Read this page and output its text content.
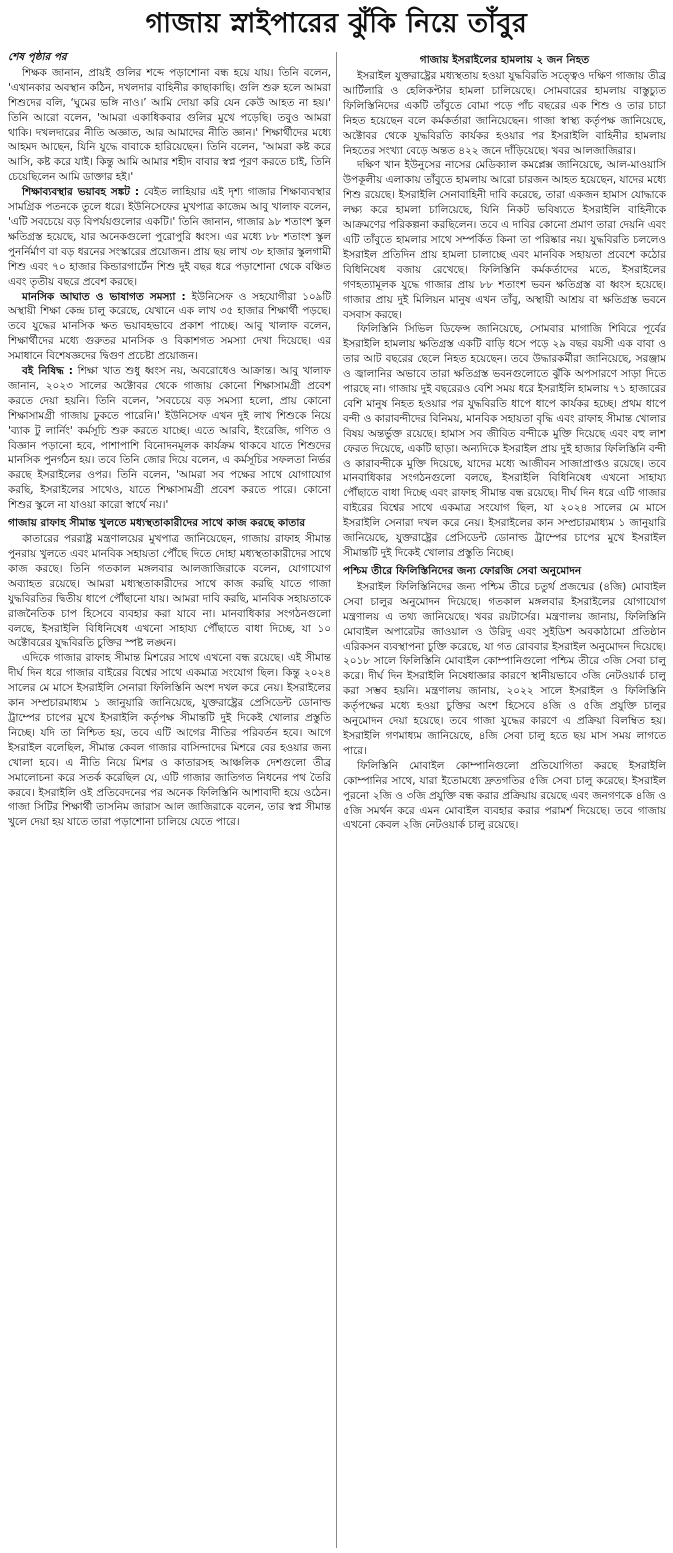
গাজায় স্নাইপারের ঝুঁকি নিয়ে তাঁবুর
শেষ পৃষ্ঠার পর

শিক্ষক জানান, প্রায়ই গুলির শব্দে পড়াশোনা বন্ধ হয়ে যায়। তিনি বলেন, 'এখানকার অবস্থান কঠিন, দখলদার বাহিনীর কাছাকাছি। গুলি শুরু হলে আমরা শিশুদের বলি, ‘ঘুমের ভঙ্গি নাও।’ আমি দোয়া করি যেন কেউ আহত না হয়।' তিনি আরো বলেন, 'আমরা একাধিকবার গুলির মুখে পড়েছি। তবুও আমরা থাকি। দখলদারের নীতি অজ্ঞাত, আর আমাদের নীতি জ্ঞান।' শিক্ষার্থীদের মধ্যে আহমদ আছেন, যিনি যুদ্ধে বাবাকে হারিয়েছেন। তিনি বলেন, 'আমরা কষ্ট করে আসি, কষ্ট করে যাই। কিন্তু আমি আমার শহীদ বাবার স্বপ্ন পূরণ করতে চাই, তিনি চেয়েছিলেন আমি ডাক্তার হই।'

শিক্ষাব্যবস্থার ভয়াবহ সঙ্কট : বেইত লাহিয়ার এই দৃশ্য গাজার শিক্ষাব্যবস্থার সামগ্রিক পতনকে তুলে ধরে। ইউনিসেফের মুখপাত্র কাজেম আবু খালাফ বলেন, 'এটি সবচেয়ে বড় বিপর্যয়গুলোর একটি।' তিনি জানান, গাজার ৯৮ শতাংশ স্কুল ক্ষতিগ্রস্ত হয়েছে, যার অনেকগুলো পুরোপুরি ধ্বংস। এর মধ্যে ৮৮ শতাংশ স্কুল পুনর্নির্মাণ বা বড় ধরনের সংস্কারের প্রয়োজন। প্রায় ছয় লাখ ৩৮ হাজার স্কুলগামী শিশু এবং ৭০ হাজার কিন্ডারগার্টেন শিশু দুই বছর ধরে পড়াশোনা থেকে বঞ্চিত এবং তৃতীয় বছরে প্রবেশ করছে।

মানসিক আঘাত ও ভাষাগত সমস্যা : ইউনিসেফ ও সহযোগীরা ১০৯টি অস্থায়ী শিক্ষা কেন্দ্র চালু করেছে, যেখানে এক লাখ ৩৫ হাজার শিক্ষার্থী পড়ছে। তবে যুদ্ধের মানসিক ক্ষত ভয়াবহভাবে প্রকাশ পাচ্ছে। আবু খালাফ বলেন, শিক্ষার্থীদের মধ্যে গুরুতর মানসিক ও বিকাশগত সমস্যা দেখা দিয়েছে। এর সমাধানে বিশেষজ্ঞদের দ্বিগুণ প্রচেষ্টা প্রয়োজন।

বই নিষিদ্ধ : শিক্ষা খাত শুধু ধ্বংস নয়, অবরোধেও আক্রান্ত। আবু খালাফ জানান, ২০২৩ সালের অক্টোবর থেকে গাজায় কোনো শিক্ষাসামগ্রী প্রবেশ করতে দেয়া হয়নি। তিনি বলেন, 'সবচেয়ে বড় সমস্যা হলো, প্রায় কোনো শিক্ষাসামগ্রী গাজায় ঢুকতে পারেনি।' ইউনিসেফ এখন দুই লাখ শিশুকে নিয়ে 'ব্যাক টু লার্নিং' কর্মসূচি শুরু করতে যাচ্ছে। এতে আরবি, ইংরেজি, গণিত ও বিজ্ঞান পড়ানো হবে, পাশাপাশি বিনোদনমূলক কার্যক্রম থাকবে যাতে শিশুদের মানসিক পুনর্গঠন হয়। তবে তিনি জোর দিয়ে বলেন, এ কর্মসূচির সফলতা নির্ভর করছে ইসরাইলের ওপর। তিনি বলেন, 'আমরা সব পক্ষের সাথে যোগাযোগ করছি, ইসরাইলের সাথেও, যাতে শিক্ষাসামগ্রী প্রবেশ করতে পারে। কোনো শিশুর স্কুলে না যাওয়া কারো স্বার্থে নয়।'

গাজায় রাফাহ সীমান্ত খুলতে মধ্যস্থতাকারীদের সাথে কাজ করছে কাতার

কাতারের পররাষ্ট্র মন্ত্রণালয়ের মুখপাত্র জানিয়েছেন, গাজায় রাফাহ সীমান্ত পুনরায় খুলতে এবং মানবিক সহায়তা পৌঁছে দিতে দোহা মধ্যস্থতাকারীদের সাথে কাজ করছে। তিনি গতকাল মঙ্গলবার আলজাজিরাকে বলেন, যোগাযোগ অব্যাহত রয়েছে। আমরা মধ্যস্থতাকারীদের সাথে কাজ করছি যাতে গাজা যুদ্ধবিরতির দ্বিতীয় ধাপে পৌঁছানো যায়। আমরা দাবি করছি, মানবিক সহায়তাকে রাজনৈতিক চাপ হিসেবে ব্যবহার করা যাবে না। মানবাধিকার সংগঠনগুলো বলছে, ইসরাইলি বিধিনিষেধ এখনো সাহায্য পৌঁছাতে বাধা দিচ্ছে, যা ১০ অক্টোবরের যুদ্ধবিরতি চুক্তির স্পষ্ট লঙ্ঘন।

এদিকে গাজার রাফাহ সীমান্ত মিশরের সাথে এখনো বন্ধ রয়েছে। এই সীমান্ত দীর্ঘ দিন ধরে গাজার বাইরের বিশ্বের সাথে একমাত্র সংযোগ ছিল। কিন্তু ২০২৪ সালের মে মাসে ইসরাইলি সেনারা ফিলিস্তিনি অংশ দখল করে নেয়। ইসরাইলের কান সম্প্রচারমাধ্যম ১ জানুয়ারি জানিয়েছে, যুক্তরাষ্ট্রের প্রেসিডেন্ট ডোনাল্ড ট্রাম্পের চাপের মুখে ইসরাইলি কর্তৃপক্ষ সীমান্তটি দুই দিকেই খোলার প্রস্তুতি নিচ্ছে। যদি তা নিশ্চিত হয়, তবে এটি আগের নীতির পরিবর্তন হবে। আগে ইসরাইল বলেছিল, সীমান্ত কেবল গাজার বাসিন্দাদের মিশরে বের হওয়ার জন্য খোলা হবে। এ নীতি নিয়ে মিশর ও কাতারসহ আঞ্চলিক দেশগুলো তীব্র সমালোচনা করে সতর্ক করেছিল যে, এটি গাজার জাতিগত নিধনের পথ তৈরি করবে। ইসরাইলি ওই প্রতিবেদনের পর অনেক ফিলিস্তিনি আশাবাদী হয়ে ওঠেন। গাজা সিটির শিক্ষার্থী তাসনিম জারাস আল জাজিরাকে বলেন, তার স্বপ্ন সীমান্ত খুলে দেয়া হয় যাতে তারা পড়াশোনা চালিয়ে যেতে পারে।

গাজায় ইসরাইলের হামলায় ২ জন নিহত

ইসরাইল যুক্তরাষ্ট্রের মধ্যস্থতায় হওয়া যুদ্ধবিরতি সত্ত্বেও দক্ষিণ গাজায় তীব্র আর্টিলারি ও হেলিকপ্টার হামলা চালিয়েছে। সোমবারের হামলায় বাস্তুচ্যুত ফিলিস্তিনিদের একটি তাঁবুতে বোমা পড়ে পাঁচ বছরের এক শিশু ও তার চাচা নিহত হয়েছেন বলে কর্মকর্তারা জানিয়েছেন। গাজা স্বাস্থ্য কর্তৃপক্ষ জানিয়েছে, অক্টোবর থেকে যুদ্ধবিরতি কার্যকর হওয়ার পর ইসরাইলি বাহিনীর হামলায় নিহতের সংখ্যা বেড়ে অন্তত ৪২২ জনে দাঁড়িয়েছে। খবর আলজাজিরার।

দক্ষিণ খান ইউনুসের নাসের মেডিক্যাল কমপ্লেক্স জানিয়েছে, আল-মাওয়াসি উপকূলীয় এলাকায় তাঁবুতে হামলায় আরো চারজন আহত হয়েছেন, যাদের মধ্যে শিশু রয়েছে। ইসরাইলি সেনাবাহিনী দাবি করেছে, তারা একজন হামাস যোদ্ধাকে লক্ষ্য করে হামলা চালিয়েছে, যিনি নিকট ভবিষ্যতে ইসরাইলি বাহিনীকে আক্রমণের পরিকল্পনা করছিলেন। তবে এ দাবির কোনো প্রমাণ তারা দেয়নি এবং এটি তাঁবুতে হামলার সাথে সম্পর্কিত কিনা তা পরিষ্কার নয়। যুদ্ধবিরতি চললেও ইসরাইল প্রতিদিন প্রায় হামলা চালাচ্ছে এবং মানবিক সহায়তা প্রবেশে কঠোর বিধিনিষেধ বজায় রেখেছে। ফিলিস্তিনি কর্মকর্তাদের মতে, ইসরাইলের গণহত্যামূলক যুদ্ধে গাজার প্রায় ৮৮ শতাংশ ভবন ক্ষতিগ্রস্ত বা ধ্বংস হয়েছে। গাজার প্রায় দুই মিলিয়ন মানুষ এখন তাঁবু, অস্থায়ী আশ্রয় বা ক্ষতিগ্রস্ত ভবনে বসবাস করছে।

ফিলিস্তিনি সিভিল ডিফেন্স জানিয়েছে, সোমবার মাগাজি শিবিরে পূর্বের ইসরাইলি হামলায় ক্ষতিগ্রস্ত একটি বাড়ি ধসে পড়ে ২৯ বছর বয়সী এক বাবা ও তার আট বছরের ছেলে নিহত হয়েছেন। তবে উদ্ধারকর্মীরা জানিয়েছে, সরঞ্জাম ও জ্বালানির অভাবে তারা ক্ষতিগ্রস্ত ভবনগুলোতে ঝুঁকি অপসারণে সাড়া দিতে পারছে না। গাজায় দুই বছরেরও বেশি সময় ধরে ইসরাইলি হামলায় ৭১ হাজারের বেশি মানুষ নিহত হওয়ার পর যুদ্ধবিরতি ধাপে ধাপে কার্যকর হচ্ছে। প্রথম ধাপে বন্দী ও কারাবন্দীদের বিনিময়, মানবিক সহায়তা বৃদ্ধি এবং রাফাহ সীমান্ত খোলার বিষয় অন্তর্ভুক্ত রয়েছে। হামাস সব জীবিত বন্দীকে মুক্তি দিয়েছে এবং বহু লাশ ফেরত দিয়েছে, একটি ছাড়া। অন্যদিকে ইসরাইল প্রায় দুই হাজার ফিলিস্তিনি বন্দী ও কারাবন্দীকে মুক্তি দিয়েছে, যাদের মধ্যে আজীবন সাজাপ্রাপ্তও রয়েছে। তবে মানবাধিকার সংগঠনগুলো বলছে, ইসরাইলি বিধিনিষেধ এখনো সাহায্য পৌঁছাতে বাধা দিচ্ছে এবং রাফাহ সীমান্ত বন্ধ রয়েছে। দীর্ঘ দিন ধরে এটি গাজার বাইরের বিশ্বের সাথে একমাত্র সংযোগ ছিল, যা ২০২৪ সালের মে মাসে ইসরাইলি সেনারা দখল করে নেয়। ইসরাইলের কান সম্প্রচারমাধ্যম ১ জানুয়ারি জানিয়েছে, যুক্তরাষ্ট্রের প্রেসিডেন্ট ডোনাল্ড ট্রাম্পের চাপের মুখে ইসরাইল সীমান্তটি দুই দিকেই খোলার প্রস্তুতি নিচ্ছে।

পশ্চিম তীরে ফিলিস্তিনিদের জন্য ফোরজি সেবা অনুমোদন

ইসরাইল ফিলিস্তিনিদের জন্য পশ্চিম তীরে চতুর্থ প্রজন্মের (৪জি) মোবাইল সেবা চালুর অনুমোদন দিয়েছে। গতকাল মঙ্গলবার ইসরাইলের যোগাযোগ মন্ত্রণালয় এ তথ্য জানিয়েছে। খবর রয়টার্সের। মন্ত্রণালয় জানায়, ফিলিস্তিনি মোবাইল অপারেটর জাওয়াল ও উরিদু এবং সুইডিশ অবকাঠামো প্রতিষ্ঠান এরিকসন ব্যবস্থাপনা চুক্তি করেছে, যা গত রোববার ইসরাইল অনুমোদন দিয়েছে। ২০১৮ সালে ফিলিস্তিনি মোবাইল কোম্পানিগুলো পশ্চিম তীরে ৩জি সেবা চালু করে। দীর্ঘ দিন ইসরাইলি নিষেধাজ্ঞার কারণে স্থানীয়ভাবে ৩জি নেটওয়ার্ক চালু করা সম্ভব হয়নি। মন্ত্রণালয় জানায়, ২০২২ সালে ইসরাইল ও ফিলিস্তিনি কর্তৃপক্ষের মধ্যে হওয়া চুক্তির অংশ হিসেবে ৪জি ও ৫জি প্রযুক্তি চালুর অনুমোদন দেয়া হয়েছে। তবে গাজা যুদ্ধের কারণে এ প্রক্রিয়া বিলম্বিত হয়। ইসরাইলি গণমাধ্যম জানিয়েছে, ৪জি সেবা চালু হতে ছয় মাস সময় লাগতে পারে।

ফিলিস্তিনি মোবাইল কোম্পানিগুলো প্রতিযোগিতা করছে ইসরাইলি কোম্পানির সাথে, যারা ইতোমধ্যে দ্রুতগতির ৫জি সেবা চালু করেছে। ইসরাইল পুরনো ২জি ও ৩জি প্রযুক্তি বন্ধ করার প্রক্রিয়ায় রয়েছে এবং জনগণকে ৪জি ও ৫জি সমর্থন করে এমন মোবাইল ব্যবহার করার পরামর্শ দিয়েছে। তবে গাজায় এখনো কেবল ২জি নেটওয়ার্ক চালু রয়েছে।
